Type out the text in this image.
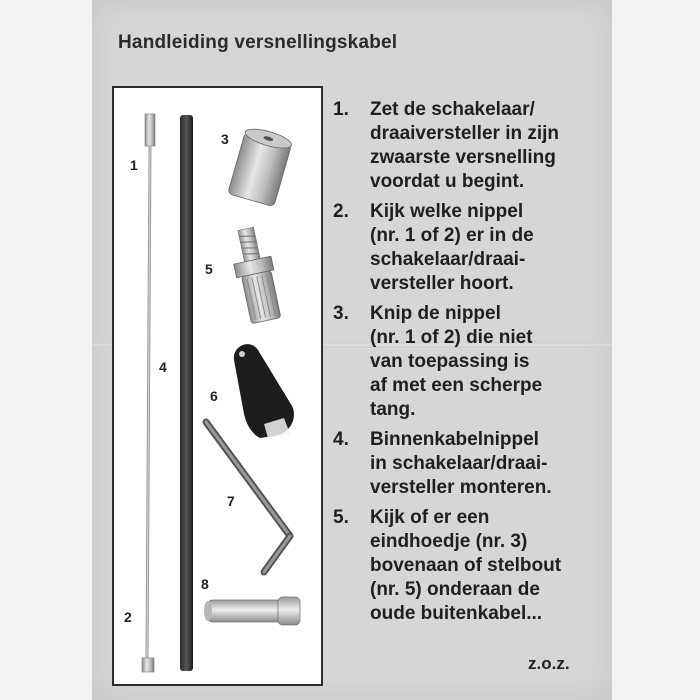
Handleiding versnellingskabel
1
2
3
4
5
6
7
8
1. Zet de schakelaar/
draaiversteller in zijn
zwaarste versnelling
voordat u begint.
2. Kijk welke nippel
(nr. 1 of 2) er in de
schakelaar/draai-
versteller hoort.
3. Knip de nippel
(nr. 1 of 2) die niet
van toepassing is
af met een scherpe
tang.
4. Binnenkabelnippel
in schakelaar/draai-
versteller monteren.
5. Kijk of er een
eindhoedje (nr. 3)
bovenaan of stelbout
(nr. 5) onderaan de
oude buitenkabel...
z.o.z.
